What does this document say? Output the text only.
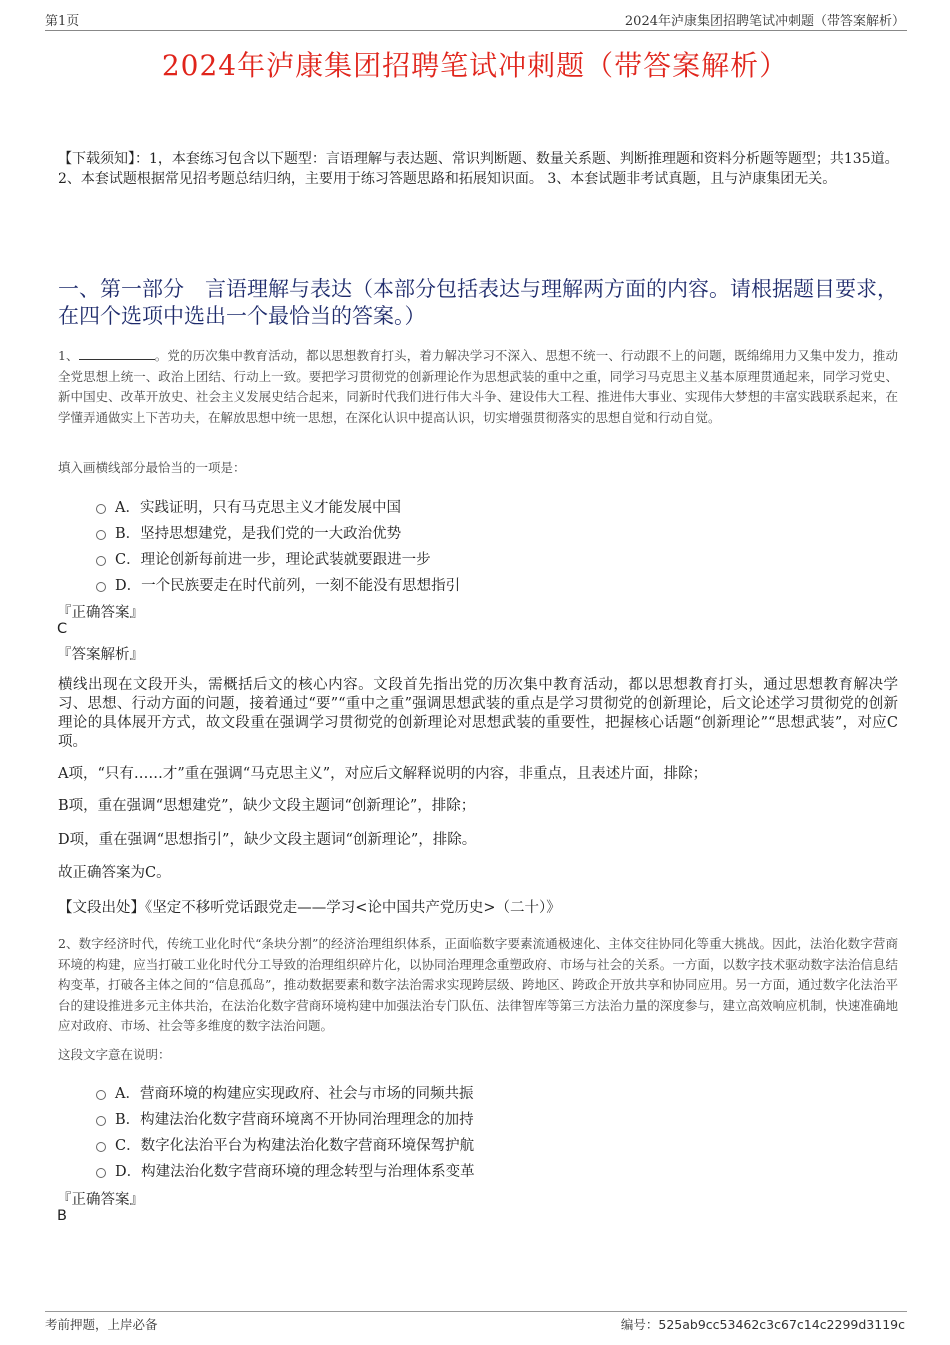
第1页	2024年泸康集团招聘笔试冲刺题（带答案解析）
2024年泸康集团招聘笔试冲刺题（带答案解析）
【下载须知】：1，本套练习包含以下题型：言语理解与表达题、常识判断题、数量关系题、判断推理题和资料分析题等题型；共135道。 2、本套试题根据常见招考题总结归纳，主要用于练习答题思路和拓展知识面。 3、本套试题非考试真题，且与泸康集团无关。
一、第一部分　言语理解与表达（本部分包括表达与理解两方面的内容。请根据题目要求，在四个选项中选出一个最恰当的答案。）
1、	。党的历次集中教育活动，都以思想教育打头，着力解决学习不深入、思想不统一、行动跟不上的问题，既绵绵用力又集中发力，推动全党思想上统一、政治上团结、行动上一致。要把学习贯彻党的创新理论作为思想武装的重中之重，同学习马克思主义基本原理贯通起来，同学习党史、新中国史、改革开放史、社会主义发展史结合起来，同新时代我们进行伟大斗争、建设伟大工程、推进伟大事业、实现伟大梦想的丰富实践联系起来，在学懂弄通做实上下苦功夫，在解放思想中统一思想，在深化认识中提高认识，切实增强贯彻落实的思想自觉和行动自觉。
填入画横线部分最恰当的一项是：
A． 实践证明，只有马克思主义才能发展中国
B． 坚持思想建党，是我们党的一大政治优势
C． 理论创新每前进一步，理论武装就要跟进一步
D． 一个民族要走在时代前列，一刻不能没有思想指引
『正确答案』
C
『答案解析』
横线出现在文段开头，需概括后文的核心内容。文段首先指出党的历次集中教育活动，都以思想教育打头，通过思想教育解决学习、思想、行动方面的问题，接着通过“要”“重中之重”强调思想武装的重点是学习贯彻党的创新理论，后文论述学习贯彻党的创新理论的具体展开方式，故文段重在强调学习贯彻党的创新理论对思想武装的重要性，把握核心话题“创新理论”“思想武装”，对应C项。
A项，“只有……才”重在强调“马克思主义”，对应后文解释说明的内容，非重点，且表述片面，排除；
B项，重在强调“思想建党”，缺少文段主题词“创新理论”，排除；
D项，重在强调“思想指引”，缺少文段主题词“创新理论”，排除。
故正确答案为C。
【文段出处】《坚定不移听党话跟党走——学习<论中国共产党历史>（二十）》
2、数字经济时代，传统工业化时代“条块分割”的经济治理组织体系，正面临数字要素流通极速化、主体交往协同化等重大挑战。因此，法治化数字营商环境的构建，应当打破工业化时代分工导致的治理组织碎片化，以协同治理理念重塑政府、市场与社会的关系。一方面，以数字技术驱动数字法治信息结构变革，打破各主体之间的“信息孤岛”，推动数据要素和数字法治需求实现跨层级、跨地区、跨政企开放共享和协同应用。另一方面，通过数字化法治平台的建设推进多元主体共治，在法治化数字营商环境构建中加强法治专门队伍、法律智库等第三方法治力量的深度参与，建立高效响应机制，快速准确地应对政府、市场、社会等多维度的数字法治问题。
这段文字意在说明：
A． 营商环境的构建应实现政府、社会与市场的同频共振
B． 构建法治化数字营商环境离不开协同治理理念的加持
C． 数字化法治平台为构建法治化数字营商环境保驾护航
D． 构建法治化数字营商环境的理念转型与治理体系变革
『正确答案』
B
考前押题，上岸必备	编号：525ab9cc53462c3c67c14c2299d3119c
